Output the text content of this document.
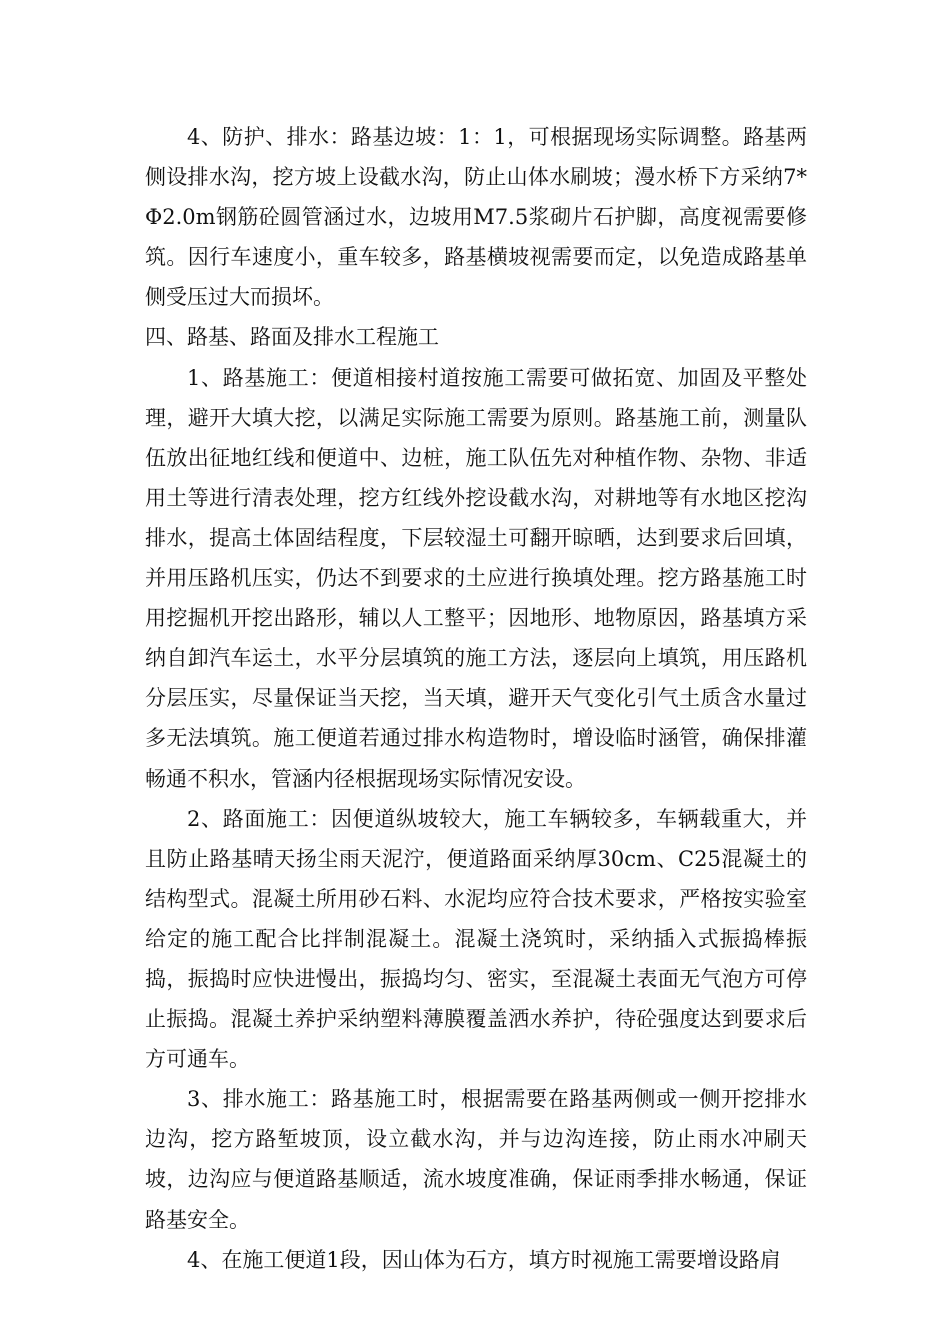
4、防护、排水：路基边坡：1：1，可根据现场实际调整。路基两侧设排水沟，挖方坡上设截水沟，防止山体水刷坡；漫水桥下方采纳7*Φ2.0m钢筋砼圆管涵过水，边坡用M7.5浆砌片石护脚，高度视需要修筑。因行车速度小，重车较多，路基横坡视需要而定，以免造成路基单侧受压过大而损坏。

四、路基、路面及排水工程施工

1、路基施工：便道相接村道按施工需要可做拓宽、加固及平整处理，避开大填大挖，以满足实际施工需要为原则。路基施工前，测量队伍放出征地红线和便道中、边桩，施工队伍先对种植作物、杂物、非适用土等进行清表处理，挖方红线外挖设截水沟，对耕地等有水地区挖沟排水，提高土体固结程度，下层较湿土可翻开晾晒，达到要求后回填，并用压路机压实，仍达不到要求的土应进行换填处理。挖方路基施工时用挖掘机开挖出路形，辅以人工整平；因地形、地物原因，路基填方采纳自卸汽车运土，水平分层填筑的施工方法，逐层向上填筑，用压路机分层压实，尽量保证当天挖，当天填，避开天气变化引气土质含水量过多无法填筑。施工便道若通过排水构造物时，增设临时涵管，确保排灌畅通不积水，管涵内径根据现场实际情况安设。

2、路面施工：因便道纵坡较大，施工车辆较多，车辆载重大，并且防止路基晴天扬尘雨天泥泞，便道路面采纳厚30cm、C25混凝土的结构型式。混凝土所用砂石料、水泥均应符合技术要求，严格按实验室给定的施工配合比拌制混凝土。混凝土浇筑时，采纳插入式振捣棒振捣，振捣时应快进慢出，振捣均匀、密实，至混凝土表面无气泡方可停止振捣。混凝土养护采纳塑料薄膜覆盖洒水养护，待砼强度达到要求后方可通车。

3、排水施工：路基施工时，根据需要在路基两侧或一侧开挖排水边沟，挖方路堑坡顶，设立截水沟，并与边沟连接，防止雨水冲刷天坡，边沟应与便道路基顺适，流水坡度准确，保证雨季排水畅通，保证路基安全。

4、在施工便道1段，因山体为石方，填方时视施工需要增设路肩
